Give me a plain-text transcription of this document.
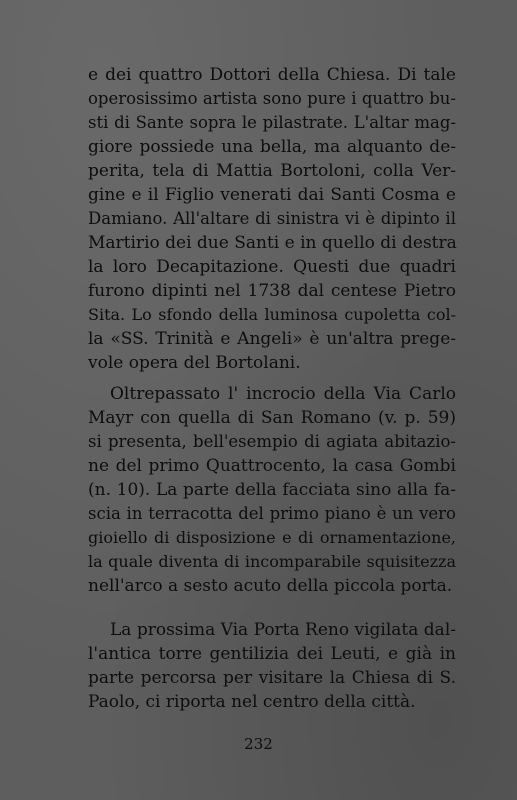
e dei quattro Dottori della Chiesa. Di tale
operosissimo artista sono pure i quattro bu-
sti di Sante sopra le pilastrate. L'altar mag-
giore possiede una bella, ma alquanto de-
perita, tela di Mattia Bortoloni, colla Ver-
gine e il Figlio venerati dai Santi Cosma e
Damiano. All'altare di sinistra vi è dipinto il
Martirio dei due Santi e in quello di destra
la loro Decapitazione. Questi due quadri
furono dipinti nel 1738 dal centese Pietro
Sita. Lo sfondo della luminosa cupoletta col-
la «SS. Trinità e Angeli» è un'altra prege-
vole opera del Bortolani.
Oltrepassato l' incrocio della Via Carlo
Mayr con quella di San Romano (v. p. 59)
si presenta, bell'esempio di agiata abitazio-
ne del primo Quattrocento, la casa Gombi
(n. 10). La parte della facciata sino alla fa-
scia in terracotta del primo piano è un vero
gioiello di disposizione e di ornamentazione,
la quale diventa di incomparabile squisitezza
nell'arco a sesto acuto della piccola porta.
La prossima Via Porta Reno vigilata dal-
l'antica torre gentilizia dei Leuti, e già in
parte percorsa per visitare la Chiesa di S.
Paolo, ci riporta nel centro della città.
232
